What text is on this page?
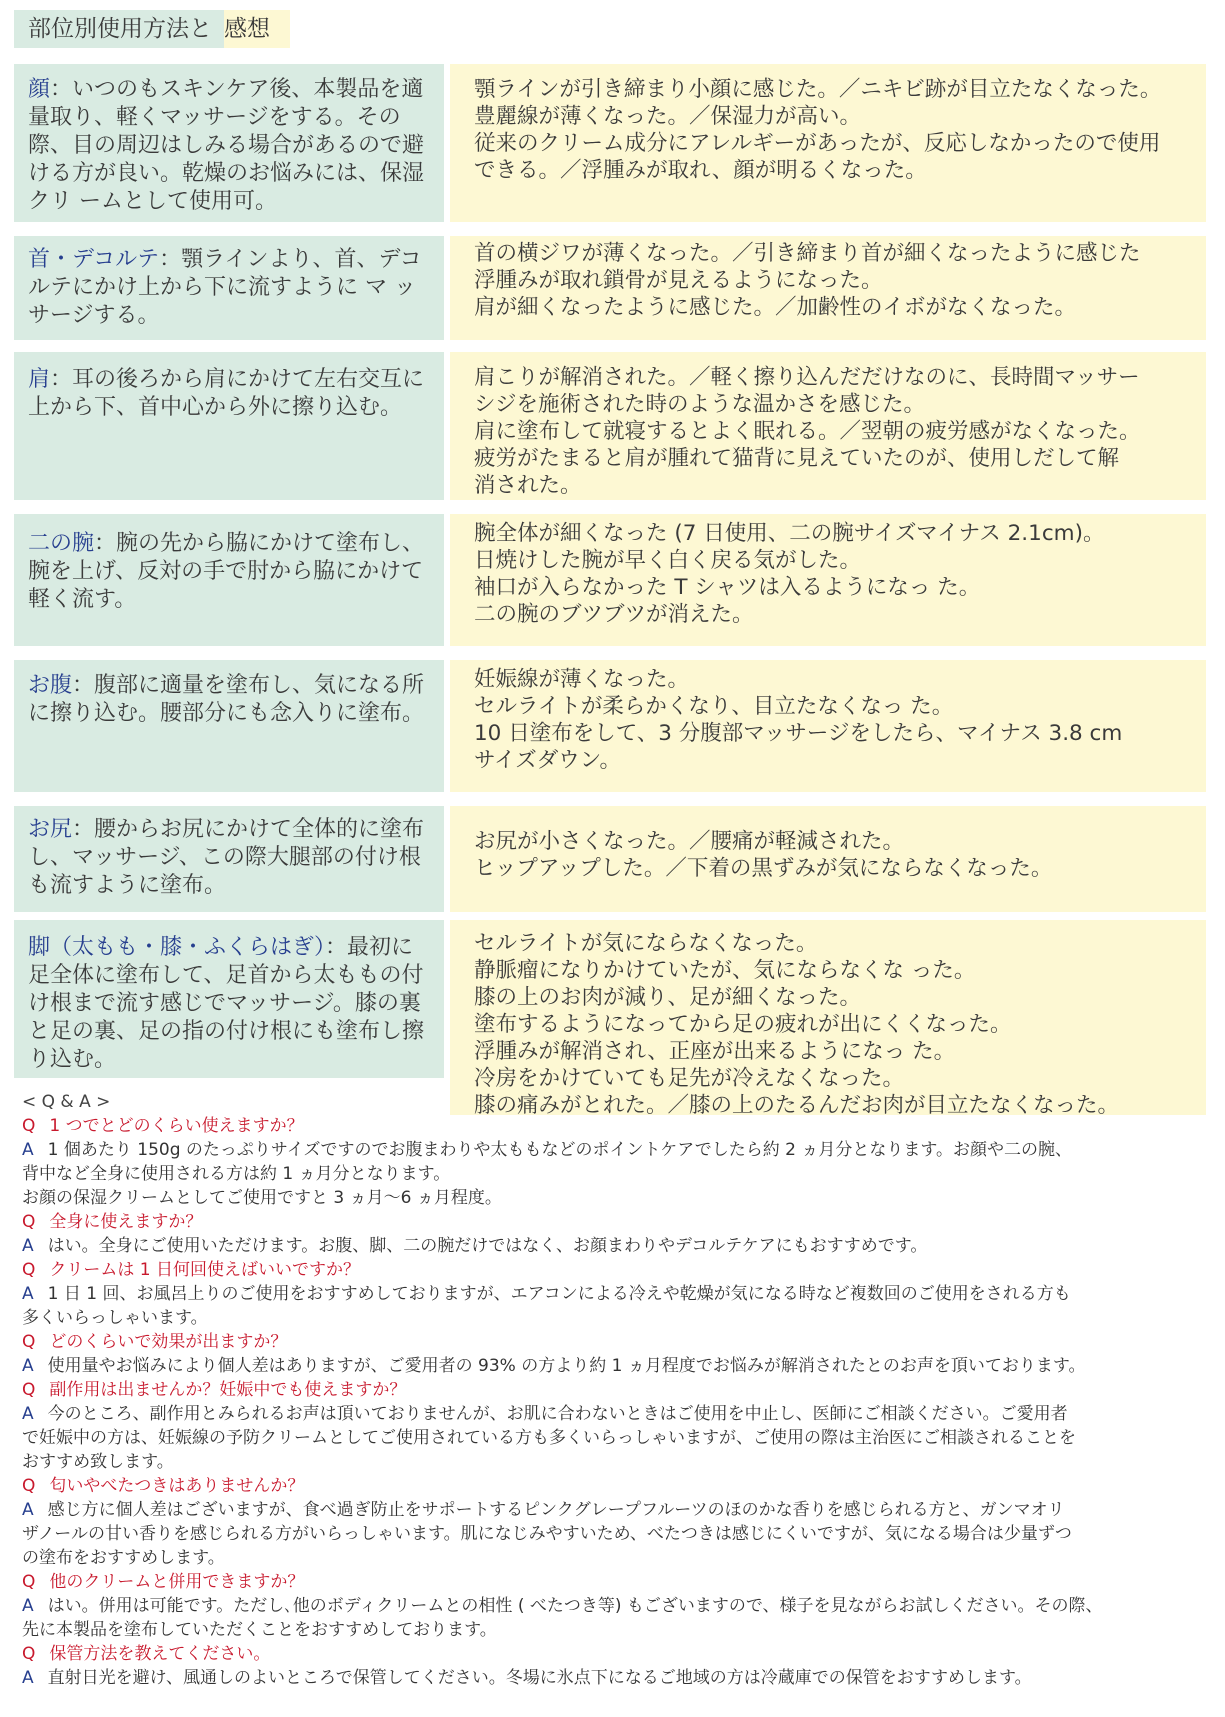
部位別使用方法と 感想
顔：いつのもスキンケア後、本製品を適量取り、軽くマッサージをする。その際、目の周辺はしみる場合があるので避ける方が良い。乾燥のお悩みには、保湿クリ ームとして使用可。
顎ラインが引き締まり小顔に感じた。／ニキビ跡が目立たなくなった。
豊麗線が薄くなった。／保湿力が高い。
従来のクリーム成分にアレルギーがあったが、反応しなかったので使用
できる。／浮腫みが取れ、顔が明るくなった。
首・デコルテ：顎ラインより、首、デコルテにかけ上から下に流すように マ ッサージする。
首の横ジワが薄くなった。／引き締まり首が細くなったように感じた
浮腫みが取れ鎖骨が見えるようになった。
肩が細くなったように感じた。／加齢性のイボがなくなった。
肩：耳の後ろから肩にかけて左右交互に上から下、首中心から外に擦り込む。
肩こりが解消された。／軽く擦り込んだだけなのに、長時間マッサー
シジを施術された時のような温かさを感じた。
肩に塗布して就寝するとよく眠れる。／翌朝の疲労感がなくなった。
疲労がたまると肩が腫れて猫背に見えていたのが、使用しだして解
消された。
二の腕：腕の先から脇にかけて塗布し、腕を上げ、反対の手で肘から脇にかけて軽く流す。
腕全体が細くなった (7 日使用、二の腕サイズマイナス 2.1cm)。
日焼けした腕が早く白く戻る気がした。
袖口が入らなかった T シャツは入るようになっ た。
二の腕のブツブツが消えた。
お腹：腹部に適量を塗布し、気になる所に擦り込む。腰部分にも念入りに塗布。
妊娠線が薄くなった。
セルライトが柔らかくなり、目立たなくなっ た。
10 日塗布をして、3 分腹部マッサージをしたら、マイナス 3.8 cm
サイズダウン。
お尻：腰からお尻にかけて全体的に塗布し、マッサージ、この際大腿部の付け根も流すように塗布。
お尻が小さくなった。／腰痛が軽減された。
ヒップアップした。／下着の黒ずみが気にならなくなった。
脚（太もも・膝・ふくらはぎ）：最初に足全体に塗布して、足首から太ももの付け根まで流す感じでマッサージ。膝の裏と足の裏、足の指の付け根にも塗布し擦り込む。
セルライトが気にならなくなった。
静脈瘤になりかけていたが、気にならなくな った。
膝の上のお肉が減り、足が細くなった。
塗布するようになってから足の疲れが出にくくなった。
浮腫みが解消され、正座が出来るようになっ た。
冷房をかけていても足先が冷えなくなった。
膝の痛みがとれた。／膝の上のたるんだお肉が目立たなくなった。
< Q & A >
Q 1 つでとどのくらい使えますか？
A 1 個あたり 150g のたっぷりサイズですのでお腹まわりや太ももなどのポイントケアでしたら約 2 ヵ月分となります。お顔や二の腕、
背中など全身に使用される方は約 1 ヵ月分となります。
お顔の保湿クリームとしてご使用ですと 3 ヵ月〜6 ヵ月程度。
Q 全身に使えますか？
A はい。全身にご使用いただけます。お腹、脚、二の腕だけではなく、お顔まわりやデコルテケアにもおすすめです。
Q クリームは 1 日何回使えばいいですか？
A 1 日 1 回、お風呂上りのご使用をおすすめしておりますが、エアコンによる冷えや乾燥が気になる時など複数回のご使用をされる方も
多くいらっしゃいます。
Q どのくらいで効果が出ますか？
A 使用量やお悩みにより個人差はありますが、ご愛用者の 93% の方より約 1 ヵ月程度でお悩みが解消されたとのお声を頂いております。
Q 副作用は出ませんか？妊娠中でも使えますか？
A 今のところ、副作用とみられるお声は頂いておりませんが、お肌に合わないときはご使用を中止し、医師にご相談ください。ご愛用者
で妊娠中の方は、妊娠線の予防クリームとしてご使用されている方も多くいらっしゃいますが、ご使用の際は主治医にご相談されることを
おすすめ致します。
Q 匂いやべたつきはありませんか？
A 感じ方に個人差はございますが、食べ過ぎ防止をサポートするピンクグレープフルーツのほのかな香りを感じられる方と、ガンマオリ
ザノールの甘い香りを感じられる方がいらっしゃいます。肌になじみやすいため、べたつきは感じにくいですが、気になる場合は少量ずつ
の塗布をおすすめします。
Q 他のクリームと併用できますか？
A はい。併用は可能です。ただし､他のボディクリームとの相性 ( べたつき等) もございますので、様子を見ながらお試しください。その際、
先に本製品を塗布していただくことをおすすめしております。
Q 保管方法を教えてください。
A 直射日光を避け、風通しのよいところで保管してください。冬場に氷点下になるご地域の方は冷蔵庫での保管をおすすめします。
